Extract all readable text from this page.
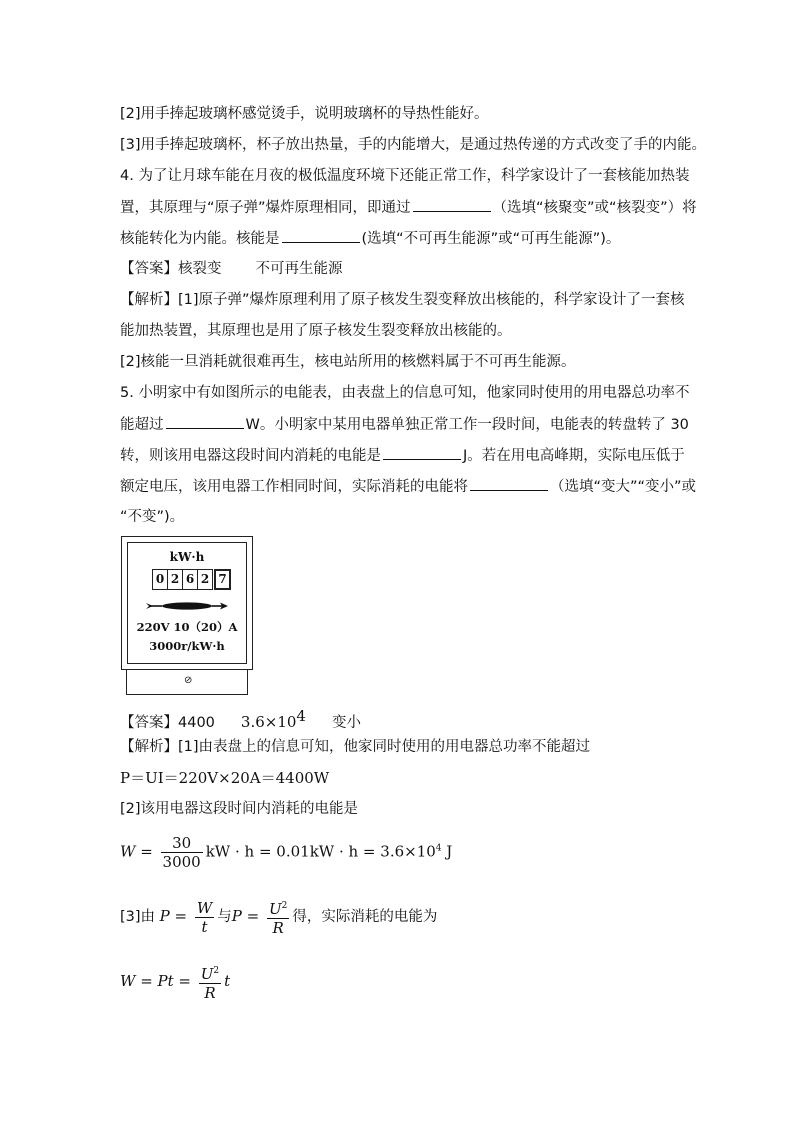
[2]用手捧起玻璃杯感觉烫手，说明玻璃杯的导热性能好。
[3]用手捧起玻璃杯，杯子放出热量，手的内能增大，是通过热传递的方式改变了手的内能。
4. 为了让月球车能在月夜的极低温度环境下还能正常工作，科学家设计了一套核能加热装
置，其原理与“原子弹”爆炸原理相同，即通过	（选填“核聚变”或“核裂变”）将
核能转化为内能。核能是	(选填“不可再生能源”或“可再生能源”)。
【答案】核裂变 不可再生能源
【解析】[1]原子弹”爆炸原理利用了原子核发生裂变释放出核能的，科学家设计了一套核
能加热装置，其原理也是用了原子核发生裂变释放出核能的。
[2]核能一旦消耗就很难再生，核电站所用的核燃料属于不可再生能源。
5. 小明家中有如图所示的电能表，由表盘上的信息可知，他家同时使用的用电器总功率不
能超过	W。小明家中某用电器单独正常工作一段时间，电能表的转盘转了 30
转，则该用电器这段时间内消耗的电能是	J。若在用电高峰期，实际电压低于
额定电压，该用电器工作相同时间，实际消耗的电能将	（选填“变大”“变小”或
“不变”)。
kW·h
0 2 6 2 7
220V 10（20）A
3000r/kW·h
⊘
【答案】4400 $3.6\times 10^4$ 变小
【解析】[1]由表盘上的信息可知，他家同时使用的用电器总功率不能超过
P＝UI＝220V×20A＝4400W
[2]该用电器这段时间内消耗的电能是
$W = \frac{30}{3000}$ kW · $h = 0.01kW \cdot h = 3.6\times 10^4$ J
[3]由 $P = \frac{W}{t}$ 与$P = \frac{U^2}{R}$ 得，实际消耗的电能为
$W = Pt = \frac{U^2}{R}$ t
